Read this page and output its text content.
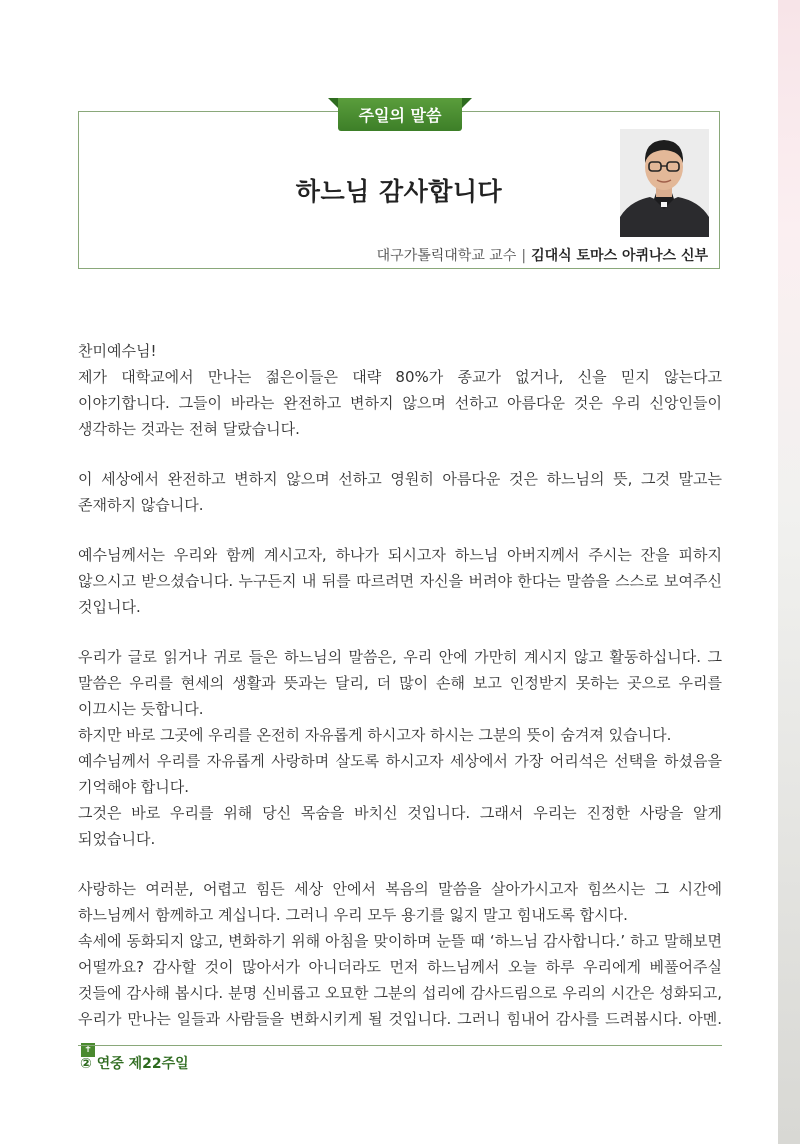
주일의 말씀
하느님 감사합니다
대구가톨릭대학교 교수 | 김대식 토마스 아퀴나스 신부

찬미예수님!

제가 대학교에서 만나는 젊은이들은 대략 80%가 종교가 없거나, 신을 믿지 않는다고 이야기합니다. 그들이 바라는 완전하고 변하지 않으며 선하고 아름다운 것은 우리 신앙인들이 생각하는 것과는 전혀 달랐습니다.

이 세상에서 완전하고 변하지 않으며 선하고 영원히 아름다운 것은 하느님의 뜻, 그것 말고는 존재하지 않습니다.

예수님께서는 우리와 함께 계시고자, 하나가 되시고자 하느님 아버지께서 주시는 잔을 피하지 않으시고 받으셨습니다. 누구든지 내 뒤를 따르려면 자신을 버려야 한다는 말씀을 스스로 보여주신 것입니다.

우리가 글로 읽거나 귀로 들은 하느님의 말씀은, 우리 안에 가만히 계시지 않고 활동하십니다. 그 말씀은 우리를 현세의 생활과 뜻과는 달리, 더 많이 손해 보고 인정받지 못하는 곳으로 우리를 이끄시는 듯합니다.

하지만 바로 그곳에 우리를 온전히 자유롭게 하시고자 하시는 그분의 뜻이 숨겨져 있습니다.

예수님께서 우리를 자유롭게 사랑하며 살도록 하시고자 세상에서 가장 어리석은 선택을 하셨음을 기억해야 합니다.

그것은 바로 우리를 위해 당신 목숨을 바치신 것입니다. 그래서 우리는 진정한 사랑을 알게 되었습니다.

사랑하는 여러분, 어렵고 힘든 세상 안에서 복음의 말씀을 살아가시고자 힘쓰시는 그 시간에 하느님께서 함께하고 계십니다. 그러니 우리 모두 용기를 잃지 말고 힘내도록 합시다.

속세에 동화되지 않고, 변화하기 위해 아침을 맞이하며 눈뜰 때 ‘하느님 감사합니다.’ 하고 말해보면 어떨까요? 감사할 것이 많아서가 아니더라도 먼저 하느님께서 오늘 하루 우리에게 베풀어주실 것들에 감사해 봅시다. 분명 신비롭고 오묘한 그분의 섭리에 감사드림으로 우리의 시간은 성화되고, 우리가 만나는 일들과 사람들을 변화시키게 될 것입니다. 그러니 힘내어 감사를 드려봅시다. 아멘.✝

② 연중 제22주일
